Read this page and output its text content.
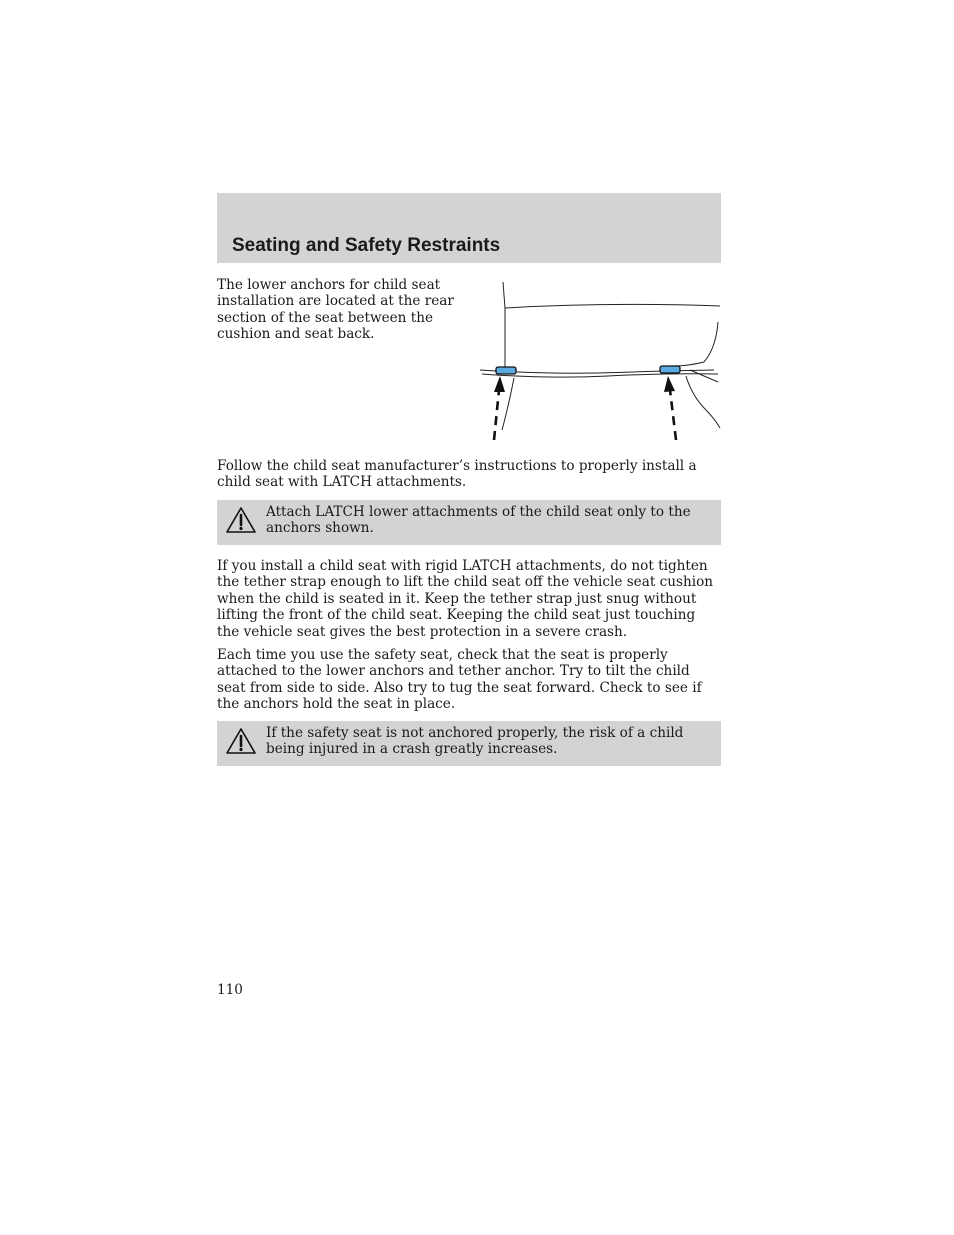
Seating and Safety Restraints

The lower anchors for child seat installation are located at the rear section of the seat between the cushion and seat back.

Follow the child seat manufacturer’s instructions to properly install a child seat with LATCH attachments.

Attach LATCH lower attachments of the child seat only to the anchors shown.

If you install a child seat with rigid LATCH attachments, do not tighten the tether strap enough to lift the child seat off the vehicle seat cushion when the child is seated in it. Keep the tether strap just snug without lifting the front of the child seat. Keeping the child seat just touching the vehicle seat gives the best protection in a severe crash.

Each time you use the safety seat, check that the seat is properly attached to the lower anchors and tether anchor. Try to tilt the child seat from side to side. Also try to tug the seat forward. Check to see if the anchors hold the seat in place.

If the safety seat is not anchored properly, the risk of a child being injured in a crash greatly increases.

110
